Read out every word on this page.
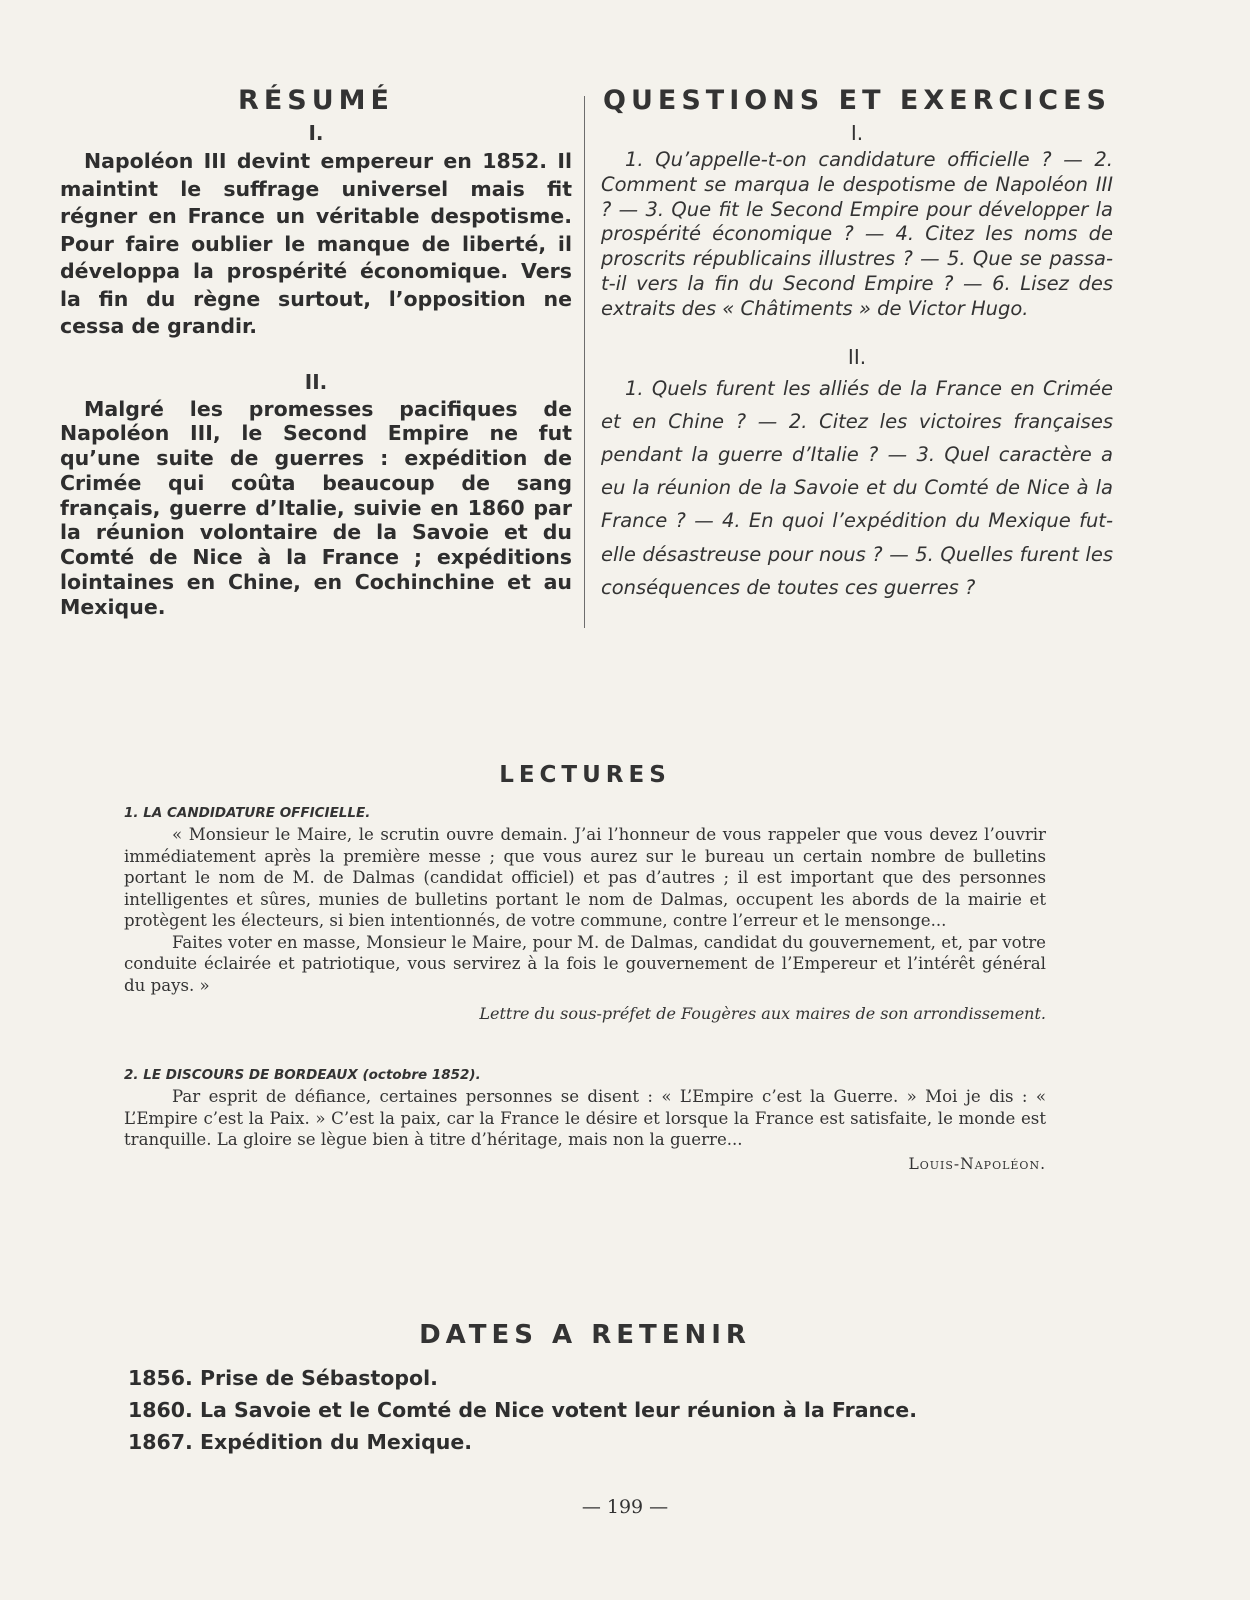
RÉSUMÉ

I.

Napoléon III devint empereur en 1852. Il maintint le suffrage universel mais fit régner en France un véritable despotisme. Pour faire oublier le manque de liberté, il développa la prospérité économique. Vers la fin du règne surtout, l’opposition ne cessa de grandir.

II.

Malgré les promesses pacifiques de Napoléon III, le Second Empire ne fut qu’une suite de guerres : expédition de Crimée qui coûta beaucoup de sang français, guerre d’Italie, suivie en 1860 par la réunion volontaire de la Savoie et du Comté de Nice à la France ; expéditions lointaines en Chine, en Cochinchine et au Mexique.

QUESTIONS ET EXERCICES

I.

1. Qu’appelle-t-on candidature officielle ? — 2. Comment se marqua le despotisme de Napoléon III ? — 3. Que fit le Second Empire pour développer la prospérité économique ? — 4. Citez les noms de proscrits républicains illustres ? — 5. Que se passa-t-il vers la fin du Second Empire ? — 6. Lisez des extraits des « Châtiments » de Victor Hugo.

II.

1. Quels furent les alliés de la France en Crimée et en Chine ? — 2. Citez les victoires françaises pendant la guerre d’Italie ? — 3. Quel caractère a eu la réunion de la Savoie et du Comté de Nice à la France ? — 4. En quoi l’expédition du Mexique fut-elle désastreuse pour nous ? — 5. Quelles furent les conséquences de toutes ces guerres ?

LECTURES

1. LA CANDIDATURE OFFICIELLE.

« Monsieur le Maire, le scrutin ouvre demain. J’ai l’honneur de vous rappeler que vous devez l’ouvrir immédiatement après la première messe ; que vous aurez sur le bureau un certain nombre de bulletins portant le nom de M. de Dalmas (candidat officiel) et pas d’autres ; il est important que des personnes intelligentes et sûres, munies de bulletins portant le nom de Dalmas, occupent les abords de la mairie et protègent les électeurs, si bien intentionnés, de votre commune, contre l’erreur et le mensonge...

Faites voter en masse, Monsieur le Maire, pour M. de Dalmas, candidat du gouvernement, et, par votre conduite éclairée et patriotique, vous servirez à la fois le gouvernement de l’Empereur et l’intérêt général du pays. »

Lettre du sous-préfet de Fougères aux maires de son arrondissement.

2. LE DISCOURS DE BORDEAUX (octobre 1852).

Par esprit de défiance, certaines personnes se disent : « L’Empire c’est la Guerre. » Moi je dis : « L’Empire c’est la Paix. » C’est la paix, car la France le désire et lorsque la France est satisfaite, le monde est tranquille. La gloire se lègue bien à titre d’héritage, mais non la guerre...

Louis-Napoléon.

DATES A RETENIR

1856. Prise de Sébastopol.

1860. La Savoie et le Comté de Nice votent leur réunion à la France.

1867. Expédition du Mexique.

— 199 —
